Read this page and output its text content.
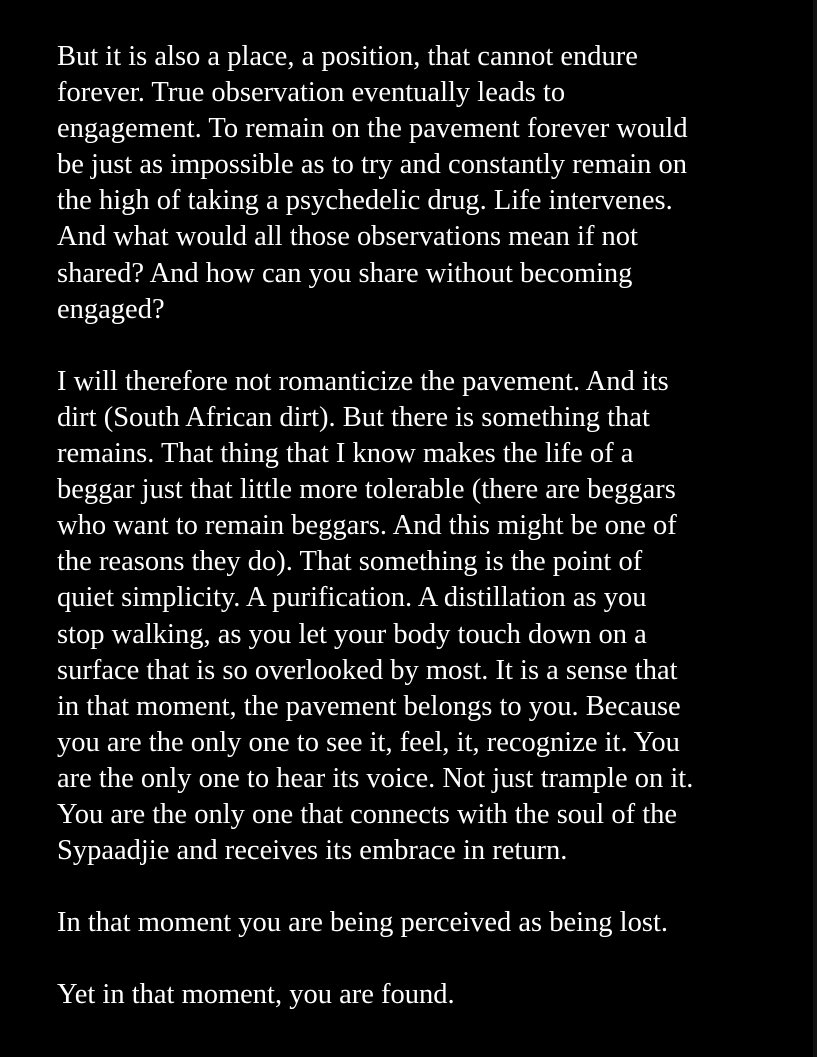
But it is also a place, a position, that cannot endure
forever. True observation eventually leads to
engagement. To remain on the pavement forever would
be just as impossible as to try and constantly remain on
the high of taking a psychedelic drug. Life intervenes.
And what would all those observations mean if not
shared? And how can you share without becoming
engaged?
I will therefore not romanticize the pavement. And its
dirt (South African dirt). But there is something that
remains. That thing that I know makes the life of a
beggar just that little more tolerable (there are beggars
who want to remain beggars. And this might be one of
the reasons they do). That something is the point of
quiet simplicity. A purification. A distillation as you
stop walking, as you let your body touch down on a
surface that is so overlooked by most. It is a sense that
in that moment, the pavement belongs to you. Because
you are the only one to see it, feel, it, recognize it. You
are the only one to hear its voice. Not just trample on it.
You are the only one that connects with the soul of the
Sypaadjie and receives its embrace in return.
In that moment you are being perceived as being lost.
Yet in that moment, you are found.
